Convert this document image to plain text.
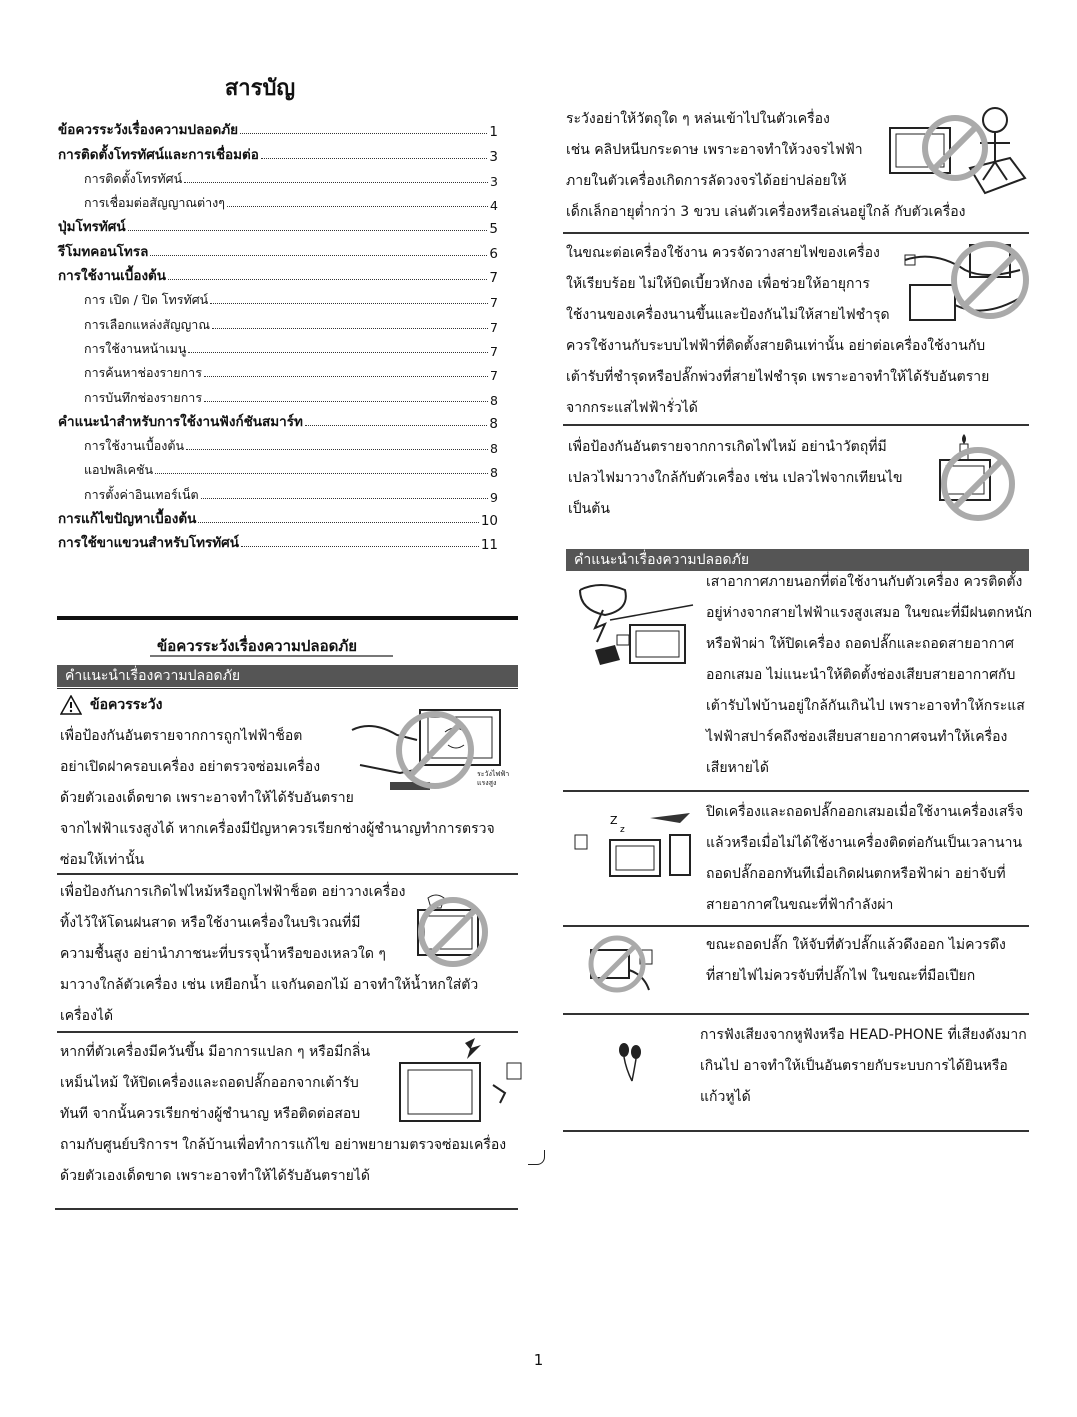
สารบัญ
ข้อควรระวังเรื่องความปลอดภัย	1
การติดตั้งโทรทัศน์และการเชื่อมต่อ	3
การติดตั้งโทรทัศน์	3
การเชื่อมต่อสัญญาณต่างๆ	4
ปุ่มโทรทัศน์	5
รีโมทคอนโทรล	6
การใช้งานเบื้องต้น	7
การ เปิด / ปิด โทรทัศน์	7
การเลือกแหล่งสัญญาณ	7
การใช้งานหน้าเมนู	7
การค้นหาช่องรายการ	7
การบันทึกช่องรายการ	8
คำแนะนำสำหรับการใช้งานฟังก์ชันสมาร์ท	8
การใช้งานเบื้องต้น	8
แอปพลิเคชัน	8
การตั้งค่าอินเทอร์เน็ต	9
การแก้ไขปัญหาเบื้องต้น	10
การใช้ขาแขวนสำหรับโทรทัศน์	11
ข้อควรระวังเรื่องความปลอดภัย
คำแนะนำเรื่องความปลอดภัย
ข้อควรระวัง
เพื่อป้องกันอันตรายจากการถูกไฟฟ้าช็อต
อย่าเปิดฝาครอบเครื่อง อย่าตรวจซ่อมเครื่อง
ด้วยตัวเองเด็ดขาด เพราะอาจทำให้ได้รับอันตราย
จากไฟฟ้าแรงสูงได้ หากเครื่องมีปัญหาควรเรียกช่างผู้ชำนาญทำการตรวจ
ซ่อมให้เท่านั้น
ระวังไฟฟ้าแรงสูง
เพื่อป้องกันการเกิดไฟไหม้หรือถูกไฟฟ้าช็อต อย่าวางเครื่อง
ทิ้งไว้ให้โดนฝนสาด หรือใช้งานเครื่องในบริเวณที่มี
ความชื้นสูง อย่านำภาชนะที่บรรจุน้ำหรือของเหลวใด ๆ
มาวางใกล้ตัวเครื่อง เช่น เหยือกน้ำ แจกันดอกไม้ อาจทำให้น้ำหกใส่ตัว
เครื่องได้
หากที่ตัวเครื่องมีควันขึ้น มีอาการแปลก ๆ หรือมีกลิ่น
เหม็นไหม้ ให้ปิดเครื่องและถอดปลั๊กออกจากเต้ารับ
ทันที จากนั้นควรเรียกช่างผู้ชำนาญ หรือติดต่อสอบ
ถามกับศูนย์บริการฯ ใกล้บ้านเพื่อทำการแก้ไข อย่าพยายามตรวจซ่อมเครื่อง
ด้วยตัวเองเด็ดขาด เพราะอาจทำให้ได้รับอันตรายได้
ระวังอย่าให้วัตถุใด ๆ หล่นเข้าไปในตัวเครื่อง
เช่น คลิปหนีบกระดาษ เพราะอาจทำให้วงจรไฟฟ้า
ภายในตัวเครื่องเกิดการลัดวงจรได้อย่าปล่อยให้
เด็กเล็กอายุต่ำกว่า 3 ขวบ เล่นตัวเครื่องหรือเล่นอยู่ใกล้ กับตัวเครื่อง
ในขณะต่อเครื่องใช้งาน ควรจัดวางสายไฟของเครื่อง
ให้เรียบร้อย ไม่ให้บิดเบี้ยวหักงอ เพื่อช่วยให้อายุการ
ใช้งานของเครื่องนานขึ้นและป้องกันไม่ให้สายไฟชำรุด
ควรใช้งานกับระบบไฟฟ้าที่ติดตั้งสายดินเท่านั้น อย่าต่อเครื่องใช้งานกับ
เต้ารับที่ชำรุดหรือปลั๊กพ่วงที่สายไฟชำรุด เพราะอาจทำให้ได้รับอันตราย
จากกระแสไฟฟ้ารั่วได้
เพื่อป้องกันอันตรายจากการเกิดไฟไหม้ อย่านำวัตถุที่มี
เปลวไฟมาวางใกล้กับตัวเครื่อง เช่น เปลวไฟจากเทียนไข
เป็นต้น
คำแนะนำเรื่องความปลอดภัย
เสาอากาศภายนอกที่ต่อใช้งานกับตัวเครื่อง ควรติดตั้ง
อยู่ห่างจากสายไฟฟ้าแรงสูงเสมอ ในขณะที่มีฝนตกหนัก
หรือฟ้าผ่า ให้ปิดเครื่อง ถอดปลั๊กและถอดสายอากาศ
ออกเสมอ ไม่แนะนำให้ติดตั้งช่องเสียบสายอากาศกับ
เต้ารับไฟบ้านอยู่ใกล้กันเกินไป เพราะอาจทำให้กระแส
ไฟฟ้าสปาร์คถึงช่องเสียบสายอากาศจนทำให้เครื่อง
เสียหายได้
ปิดเครื่องและถอดปลั๊กออกเสมอเมื่อใช้งานเครื่องเสร็จ
แล้วหรือเมื่อไม่ได้ใช้งานเครื่องติดต่อกันเป็นเวลานาน
ถอดปลั๊กออกทันทีเมื่อเกิดฝนตกหรือฟ้าผ่า อย่าจับที่
สายอากาศในขณะที่ฟ้ากำลังผ่า
Z
z
ขณะถอดปลั๊ก ให้จับที่ตัวปลั๊กแล้วดึงออก ไม่ควรดึง
ที่สายไฟไม่ควรจับที่ปลั๊กไฟ ในขณะที่มือเปียก
การฟังเสียงจากหูฟังหรือ HEAD-PHONE ที่เสียงดังมาก
เกินไป อาจทำให้เป็นอันตรายกับระบบการได้ยินหรือ
แก้วหูได้
1
